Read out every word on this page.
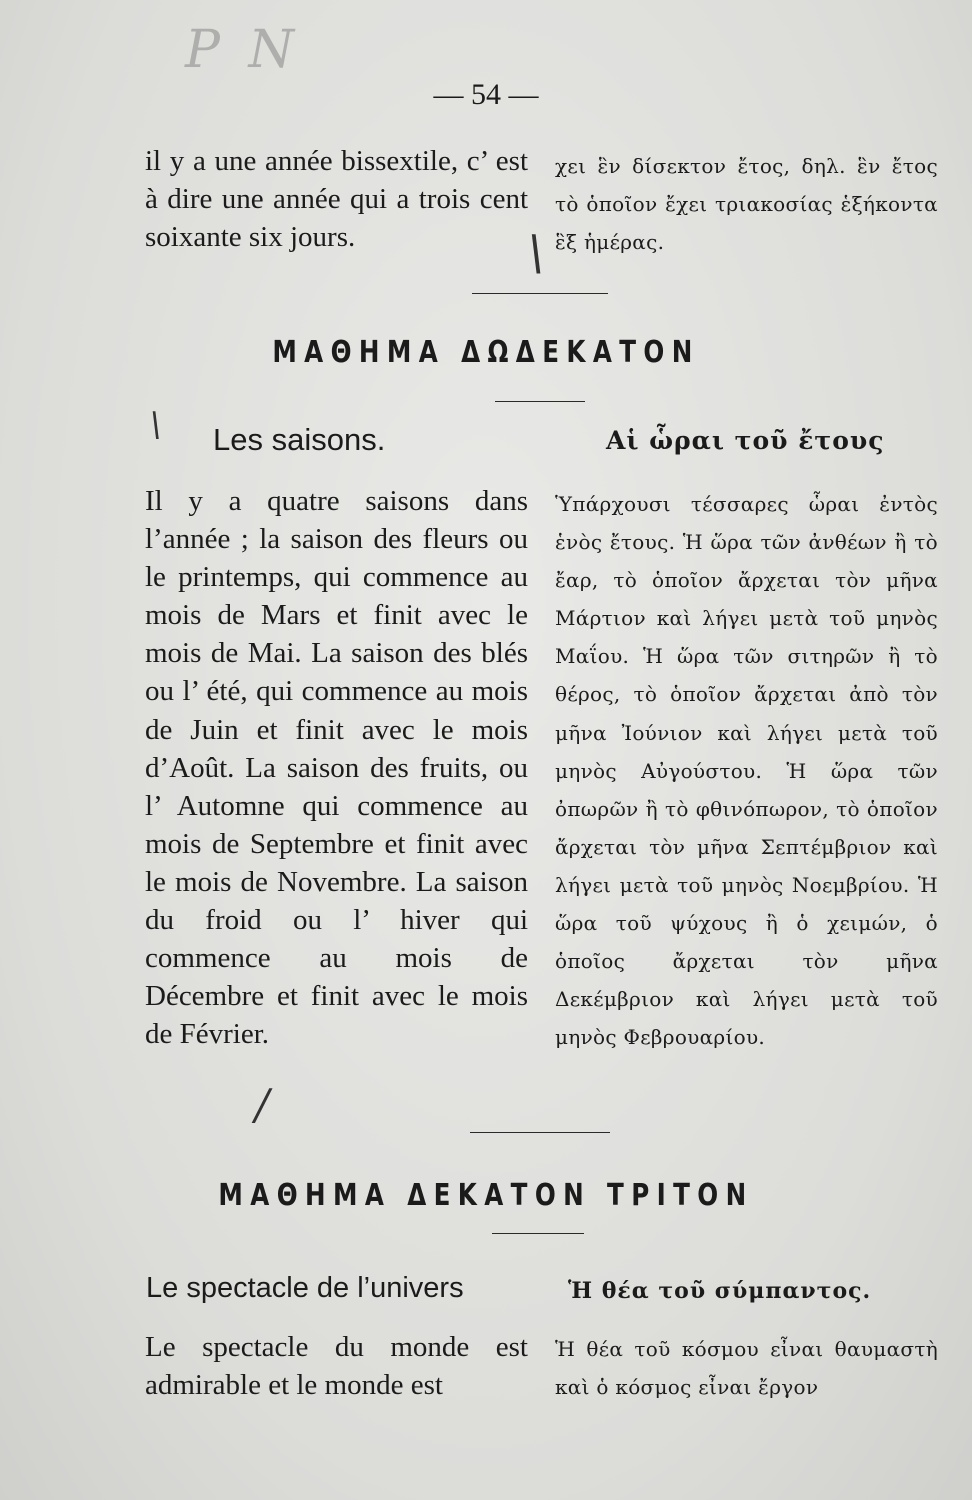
P N
— 54 —

il y a une année bissextile, c’ est à dire une année qui a trois cent soixante six jours.

χει ἓν δίσεκτον ἔτος, δηλ. ἓν ἔτος τὸ ὁποῖον ἔχει τριακοσίας ἑξήκοντα ἓξ ἡμέρας.

\
ΜΑΘΗΜΑ ΔΩΔΕΚΑΤΟΝ
\ Les saisons.	Αἱ ὧραι τοῦ ἔτους

Il y a quatre saisons dans l’année ; la saison des fleurs ou le printemps, qui commence au mois de Mars et finit avec le mois de Mai. La saison des blés ou l’ été, qui commence au mois de Juin et finit avec le mois d’Août. La saison des fruits, ou l’ Automne qui commence au mois de Septembre et finit avec le mois de Novembre. La saison du froid ou l’ hiver qui commence au mois de Décembre et finit avec le mois de Février.

Ὑπάρχουσι τέσσαρες ὧραι ἐντὸς ἑνὸς ἔτους. Ἡ ὥρα τῶν ἀνθέων ἢ τὸ ἔαρ, τὸ ὁποῖον ἄρχεται τὸν μῆνα Μάρτιον καὶ λήγει μετὰ τοῦ μηνὸς Μαΐου. Ἡ ὥρα τῶν σιτηρῶν ἢ τὸ θέρος, τὸ ὁποῖον ἄρχεται ἀπὸ τὸν μῆνα Ἰούνιον καὶ λήγει μετὰ τοῦ μηνὸς Αὐγούστου. Ἡ ὥρα τῶν ὀπωρῶν ἢ τὸ φθινόπωρον, τὸ ὁποῖον ἄρχεται τὸν μῆνα Σεπτέμβριον καὶ λήγει μετὰ τοῦ μηνὸς Νοεμβρίου. Ἡ ὥρα τοῦ ψύχους ἢ ὁ χειμών, ὁ ὁποῖος ἄρχεται τὸν μῆνα Δεκέμβριον καὶ λήγει μετὰ τοῦ μηνὸς Φεβρουαρίου.

/
ΜΑΘΗΜΑ ΔΕΚΑΤΟΝ ΤΡΙΤΟΝ
Le spectacle de l’univers	Ἡ θέα τοῦ σύμπαντος.

Le spectacle du monde est admirable et le monde est

Ἡ θέα τοῦ κόσμου εἶναι θαυμαστὴ καὶ ὁ κόσμος εἶναι ἔργον
